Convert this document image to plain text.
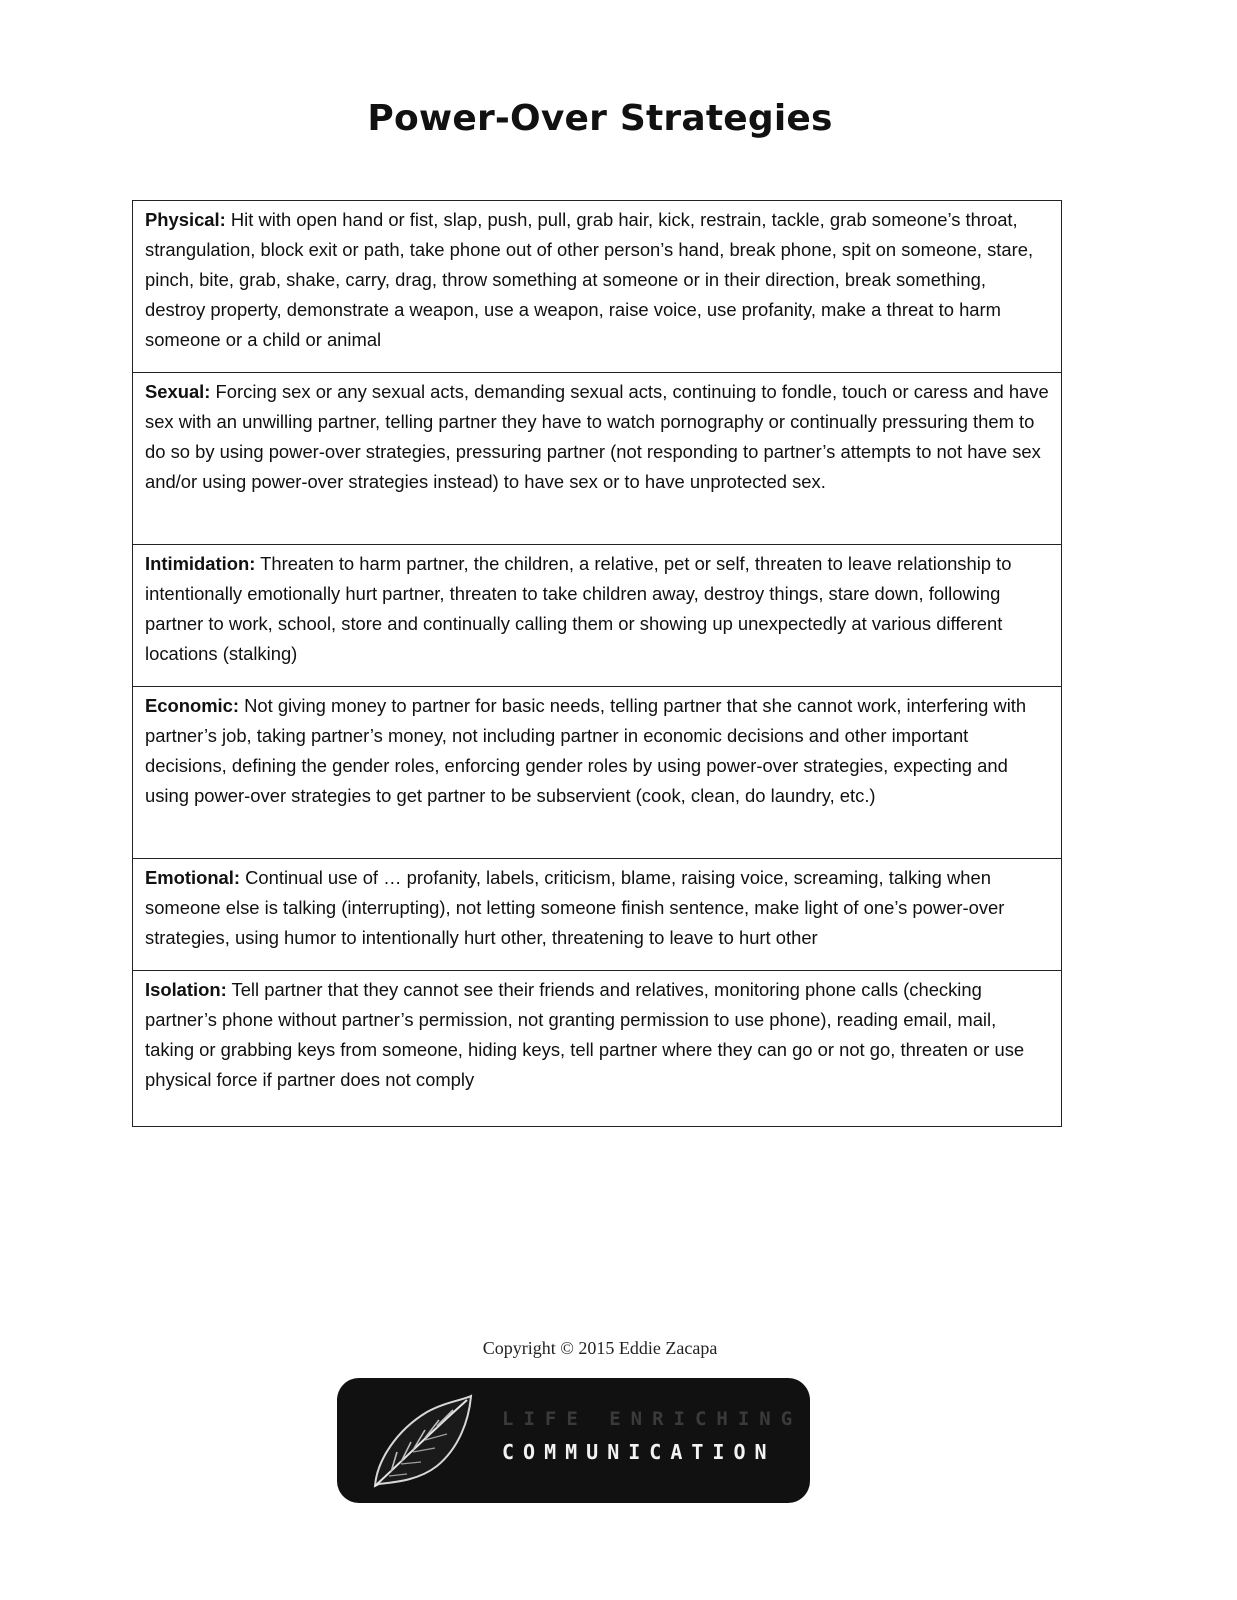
Power-Over Strategies
Physical: Hit with open hand or fist, slap, push, pull, grab hair, kick, restrain, tackle, grab someone’s throat, strangulation, block exit or path, take phone out of other person’s hand, break phone, spit on someone, stare, pinch, bite, grab, shake, carry, drag, throw something at someone or in their direction, break something, destroy property, demonstrate a weapon, use a weapon, raise voice, use profanity, make a threat to harm someone or a child or animal
Sexual: Forcing sex or any sexual acts, demanding sexual acts, continuing to fondle, touch or caress and have sex with an unwilling partner, telling partner they have to watch pornography or continually pressuring them to do so by using power-over strategies, pressuring partner (not responding to partner’s attempts to not have sex and/or using power-over strategies instead) to have sex or to have unprotected sex.
Intimidation: Threaten to harm partner, the children, a relative, pet or self, threaten to leave relationship to intentionally emotionally hurt partner, threaten to take children away, destroy things, stare down, following partner to work, school, store and continually calling them or showing up unexpectedly at various different locations (stalking)
Economic: Not giving money to partner for basic needs, telling partner that she cannot work, interfering with partner’s job, taking partner’s money, not including partner in economic decisions and other important decisions, defining the gender roles, enforcing gender roles by using power-over strategies, expecting and using power-over strategies to get partner to be subservient (cook, clean, do laundry, etc.)
Emotional: Continual use of … profanity, labels, criticism, blame, raising voice, screaming, talking when someone else is talking (interrupting), not letting someone finish sentence, make light of one’s power-over strategies, using humor to intentionally hurt other, threatening to leave to hurt other
Isolation: Tell partner that they cannot see their friends and relatives, monitoring phone calls (checking partner’s phone without partner’s permission, not granting permission to use phone), reading email, mail, taking or grabbing keys from someone, hiding keys, tell partner where they can go or not go, threaten or use physical force if partner does not comply
Copyright © 2015 Eddie Zacapa
LIFE ENRICHING
COMMUNICATION
